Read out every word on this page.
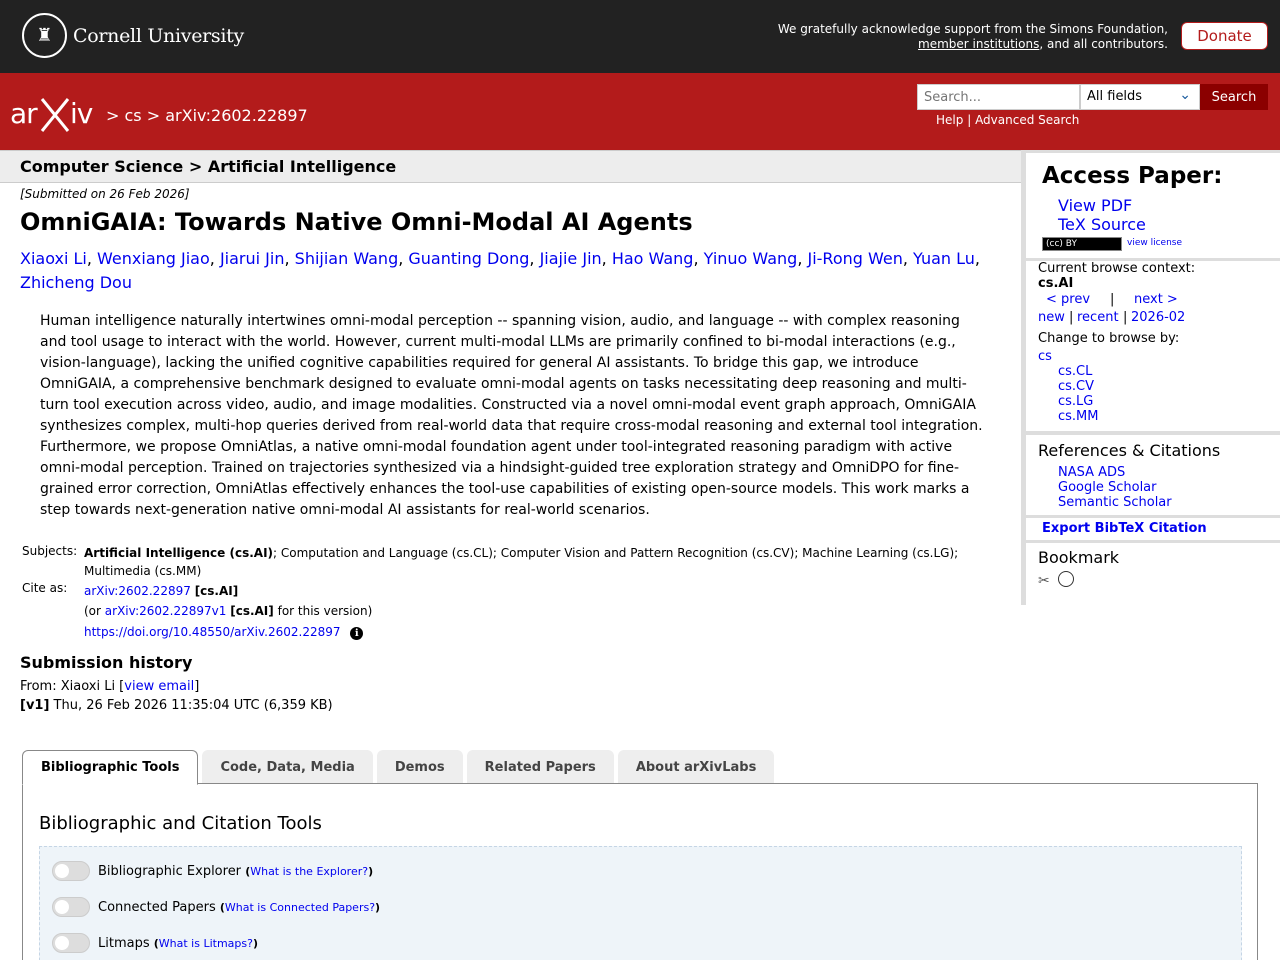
♜	Cornell University	We gratefully acknowledge support from the Simons Foundation,
member institutions, and all contributors.	Donate
ar iv > cs > arXiv:2602.22897
Search...
All fields	⌄	Search
Help | Advanced Search
Computer Science > Artificial Intelligence
[Submitted on 26 Feb 2026]
OmniGAIA: Towards Native Omni-Modal AI Agents
Xiaoxi Li, Wenxiang Jiao, Jiarui Jin, Shijian Wang, Guanting Dong, Jiajie Jin, Hao Wang, Yinuo Wang, Ji-Rong Wen, Yuan Lu, Zhicheng Dou
Human intelligence naturally intertwines omni-modal perception -- spanning vision, audio, and language -- with complex reasoning and tool usage to interact with the world. However, current multi-modal LLMs are primarily confined to bi-modal interactions (e.g., vision-language), lacking the unified cognitive capabilities required for general AI assistants. To bridge this gap, we introduce OmniGAIA, a comprehensive benchmark designed to evaluate omni-modal agents on tasks necessitating deep reasoning and multi-turn tool execution across video, audio, and image modalities. Constructed via a novel omni-modal event graph approach, OmniGAIA synthesizes complex, multi-hop queries derived from real-world data that require cross-modal reasoning and external tool integration. Furthermore, we propose OmniAtlas, a native omni-modal foundation agent under tool-integrated reasoning paradigm with active omni-modal perception. Trained on trajectories synthesized via a hindsight-guided tree exploration strategy and OmniDPO for fine-grained error correction, OmniAtlas effectively enhances the tool-use capabilities of existing open-source models. This work marks a step towards next-generation native omni-modal AI assistants for real-world scenarios.
Subjects: Artificial Intelligence (cs.AI); Computation and Language (cs.CL); Computer Vision and Pattern Recognition (cs.CV); Machine Learning (cs.LG); Multimedia (cs.MM)
Cite as:	arXiv:2602.22897 [cs.AI]
(or arXiv:2602.22897v1 [cs.AI] for this version)
https://doi.org/10.48550/arXiv.2602.22897 ℹ
Submission history
From: Xiaoxi Li [view email]
[v1] Thu, 26 Feb 2026 11:35:04 UTC (6,359 KB)
Bibliographic Tools	Code, Data, Media	Demos	Related Papers	About arXivLabs
Bibliographic and Citation Tools
Bibliographic Explorer
(What is the Explorer?)
Connected Papers
(What is Connected Papers?)
Litmaps
(What is Litmaps?)
Access Paper:
View PDF
TeX Source
(cc) BY	view license
Current browse context:
cs.AI
< prev | next >
new | recent | 2026-02
Change to browse by:
cs
cs.CL
cs.CV
cs.LG
cs.MM
References & Citations
NASA ADS
Google Scholar
Semantic Scholar
Export BibTeX Citation
Bookmark
✂
